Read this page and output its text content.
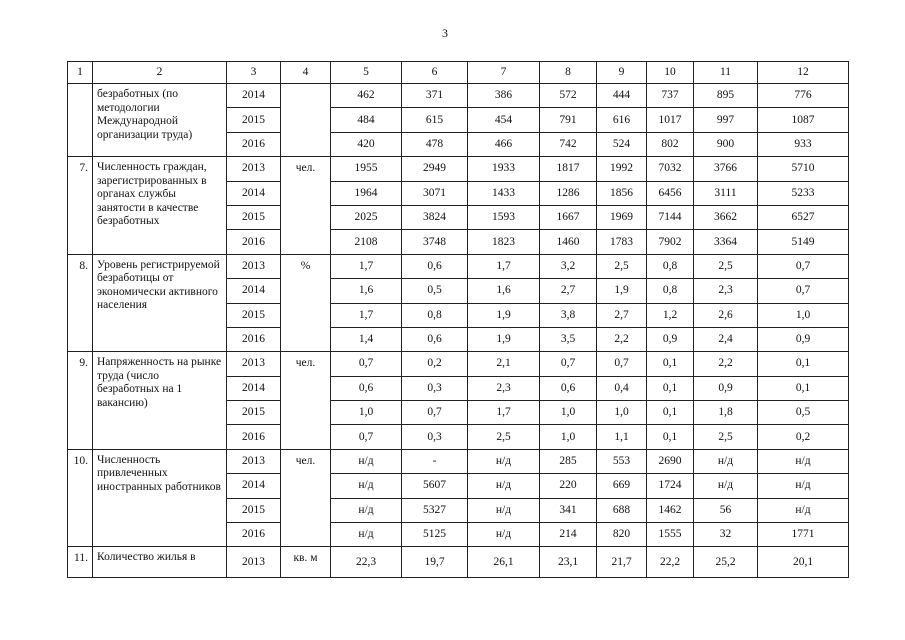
3
1	2	3	4	5	6	7	8	9	10	11	12
	безработных (по методологии Международной организации труда)	2014		462	371	386	572	444	737	895	776
		2015		484	615	454	791	616	1017	997	1087
		2016		420	478	466	742	524	802	900	933
7.	Численность граждан, зарегистрированных в органах службы занятости в качестве безработных	2013	чел.	1955	2949	1933	1817	1992	7032	3766	5710
		2014		1964	3071	1433	1286	1856	6456	3111	5233
		2015		2025	3824	1593	1667	1969	7144	3662	6527
		2016		2108	3748	1823	1460	1783	7902	3364	5149
8.	Уровень регистрируемой безработицы от экономически активного населения	2013	%	1,7	0,6	1,7	3,2	2,5	0,8	2,5	0,7
		2014		1,6	0,5	1,6	2,7	1,9	0,8	2,3	0,7
		2015		1,7	0,8	1,9	3,8	2,7	1,2	2,6	1,0
		2016		1,4	0,6	1,9	3,5	2,2	0,9	2,4	0,9
9.	Напряженность на рынке труда (число безработных на 1 вакансию)	2013	чел.	0,7	0,2	2,1	0,7	0,7	0,1	2,2	0,1
		2014		0,6	0,3	2,3	0,6	0,4	0,1	0,9	0,1
		2015		1,0	0,7	1,7	1,0	1,0	0,1	1,8	0,5
		2016		0,7	0,3	2,5	1,0	1,1	0,1	2,5	0,2
10.	Численность привлеченных иностранных работников	2013	чел.	н/д	-	н/д	285	553	2690	н/д	н/д
		2014		н/д	5607	н/д	220	669	1724	н/д	н/д
		2015		н/д	5327	н/д	341	688	1462	56	н/д
		2016		н/д	5125	н/д	214	820	1555	32	1771
11.	Количество жилья в	2013	кв. м	22,3	19,7	26,1	23,1	21,7	22,2	25,2	20,1
